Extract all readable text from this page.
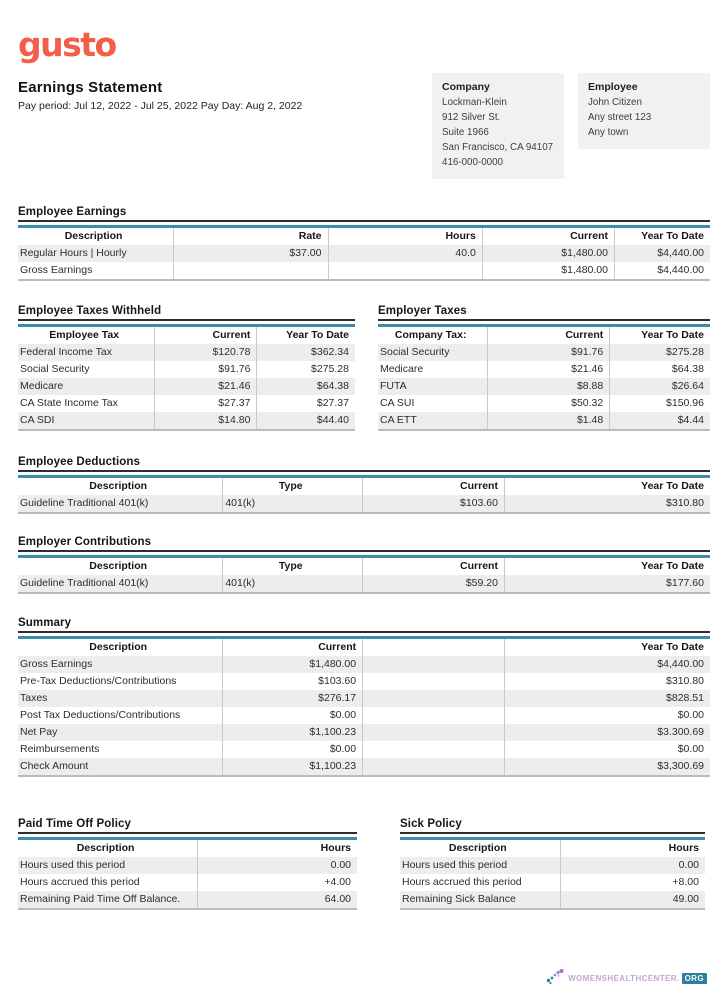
gusto
Earnings Statement
Pay period: Jul 12, 2022 - Jul 25, 2022 Pay Day: Aug 2, 2022
Company
Lockman-Klein
912 Silver St.
Suite 1966
San Francisco, CA 94107
416-000-0000
Employee
John Citizen
Any street 123
Any town
Employee Earnings
Description	Rate	Hours	Current	Year To Date
Regular Hours | Hourly	$37.00	40.0	$1,480.00	$4,440.00
Gross Earnings			$1,480.00	$4,440.00
Employee Taxes Withheld
Employee Tax	Current	Year To Date
Federal Income Tax	$120.78	$362.34
Social Security	$91.76	$275.28
Medicare	$21.46	$64.38
CA State Income Tax	$27.37	$27.37
CA SDI	$14.80	$44.40
Employer Taxes
Company Tax:	Current	Year To Date
Social Security	$91.76	$275.28
Medicare	$21.46	$64.38
FUTA	$8.88	$26.64
CA SUI	$50.32	$150.96
CA ETT	$1.48	$4.44
Employee Deductions
Description	Type	Current	Year To Date
Guideline Traditional 401(k)	401(k)	$103.60	$310.80
Employer Contributions
Description	Type	Current	Year To Date
Guideline Traditional 401(k)	401(k)	$59.20	$177.60
Summary
Description	Current		Year To Date
Gross Earnings	$1,480.00		$4,440.00
Pre-Tax Deductions/Contributions	$103.60		$310.80
Taxes	$276.17		$828.51
Post Tax Deductions/Contributions	$0.00		$0.00
Net Pay	$1,100.23		$3.300.69
Reimbursements	$0.00		$0.00
Check Amount	$1,100.23		$3,300.69
Paid Time Off Policy
Description	Hours
Hours used this period	0.00
Hours accrued this period	+4.00
Remaining Paid Time Off Balance.	64.00
Sick Policy
Description	Hours
Hours used this period	0.00
Hours accrued this period	+8.00
Remaining Sick Balance	49.00
WOMENSHEALTHCENTER. ORG
